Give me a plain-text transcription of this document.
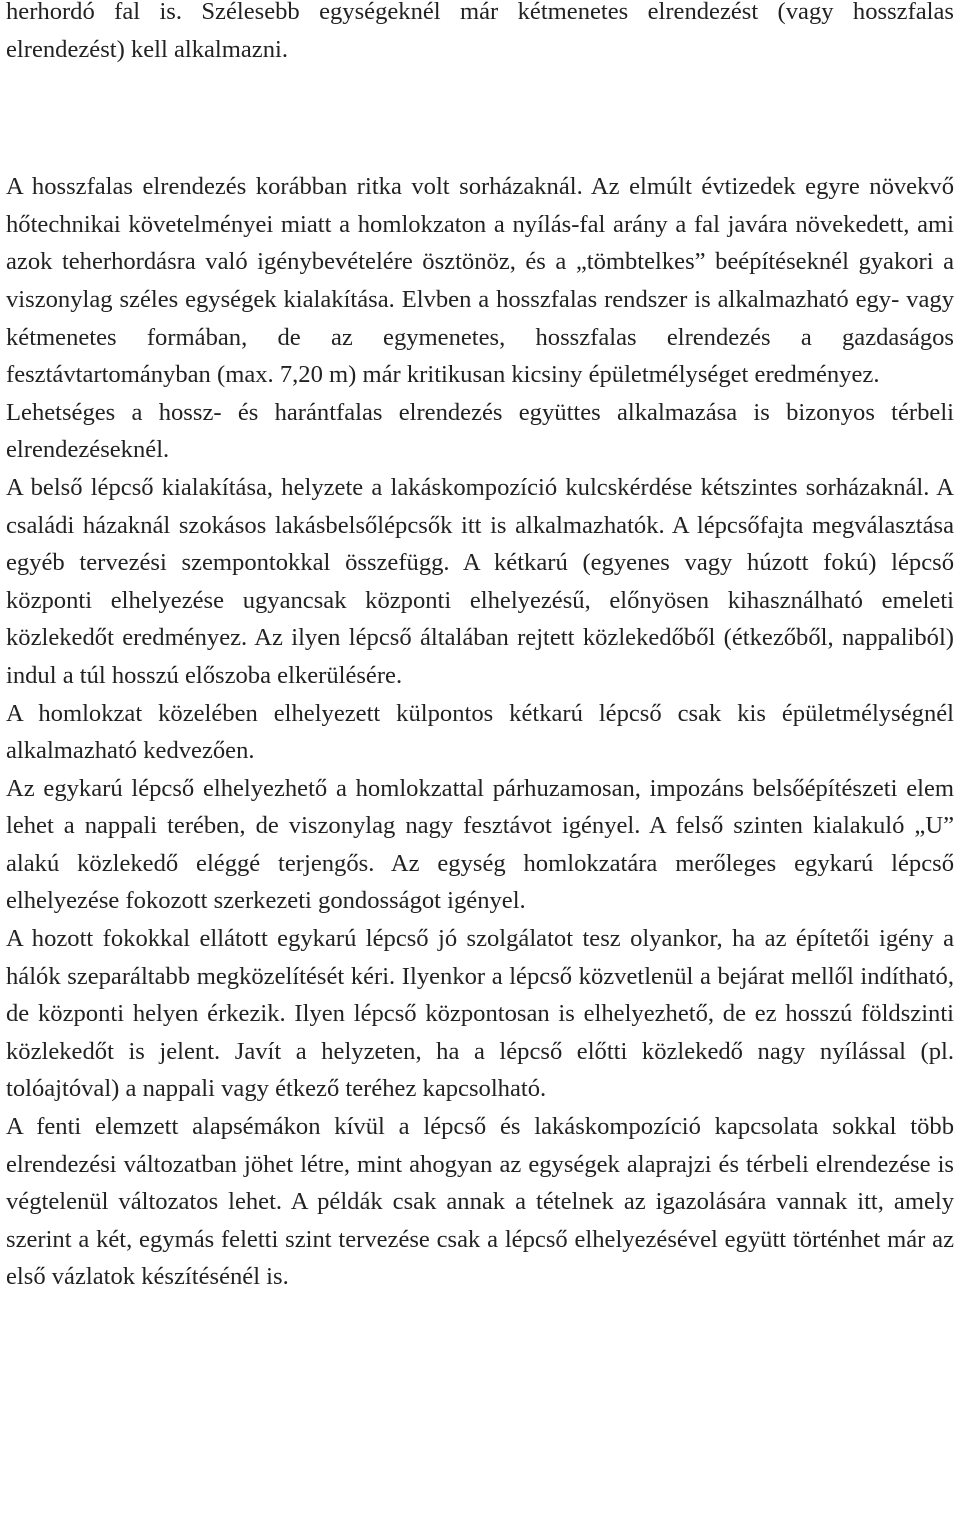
herhordó fal is. Szélesebb egységeknél már kétmenetes elrendezést (vagy hosszfalas elrendezést) kell alkalmazni.

A hosszfalas elrendezés korábban ritka volt sorházaknál. Az elmúlt évtizedek egyre növekvő hőtechnikai követelményei miatt a homlokzaton a nyílás-fal arány a fal javára növekedett, ami azok teherhordásra való igénybevételére ösztönöz, és a „tömbtelkes” beépítéseknél gyakori a viszonylag széles egységek kialakítása. Elvben a hosszfalas rendszer is alkalmazható egy- vagy kétmenetes formában, de az egymenetes, hosszfalas elrendezés a gazdaságos fesztávtartományban (max. 7,20 m) már kritikusan kicsiny épületmélységet eredményez.

Lehetséges a hossz- és harántfalas elrendezés együttes alkalmazása is bizonyos térbeli elrendezéseknél.

A belső lépcső kialakítása, helyzete a lakáskompozíció kulcskérdése kétszintes sorházaknál. A családi házaknál szokásos lakásbelsőlépcsők itt is alkalmazhatók. A lépcsőfajta megválasztása egyéb tervezési szempontokkal összefügg. A kétkarú (egyenes vagy húzott fokú) lépcső központi elhelyezése ugyancsak központi elhelyezésű, előnyösen kihasználható emeleti közlekedőt eredményez. Az ilyen lépcső általában rejtett közlekedőből (étkezőből, nappaliból) indul a túl hosszú előszoba elkerülésére.

A homlokzat közelében elhelyezett külpontos kétkarú lépcső csak kis épületmélységnél alkalmazható kedvezően.

Az egykarú lépcső elhelyezhető a homlokzattal párhuzamosan, impozáns belsőépítészeti elem lehet a nappali terében, de viszonylag nagy fesztávot igényel. A felső szinten kialakuló „U” alakú közlekedő eléggé terjengős. Az egység homlokzatára merőleges egykarú lépcső elhelyezése fokozott szerkezeti gondosságot igényel.

A hozott fokokkal ellátott egykarú lépcső jó szolgálatot tesz olyankor, ha az építetői igény a hálók szeparáltabb megközelítését kéri. Ilyenkor a lépcső közvetlenül a bejárat mellől indítható, de központi helyen érkezik. Ilyen lépcső központosan is elhelyezhető, de ez hosszú földszinti közlekedőt is jelent. Javít a helyzeten, ha a lépcső előtti közlekedő nagy nyílással (pl. tolóajtóval) a nappali vagy étkező teréhez kapcsolható.

A fenti elemzett alapsémákon kívül a lépcső és lakáskompozíció kapcsolata sokkal több elrendezési változatban jöhet létre, mint ahogyan az egységek alaprajzi és térbeli elrendezése is végtelenül változatos lehet. A példák csak annak a tételnek az igazolására vannak itt, amely szerint a két, egymás feletti szint tervezése csak a lépcső elhelyezésével együtt történhet már az első vázlatok készítésénél is.
